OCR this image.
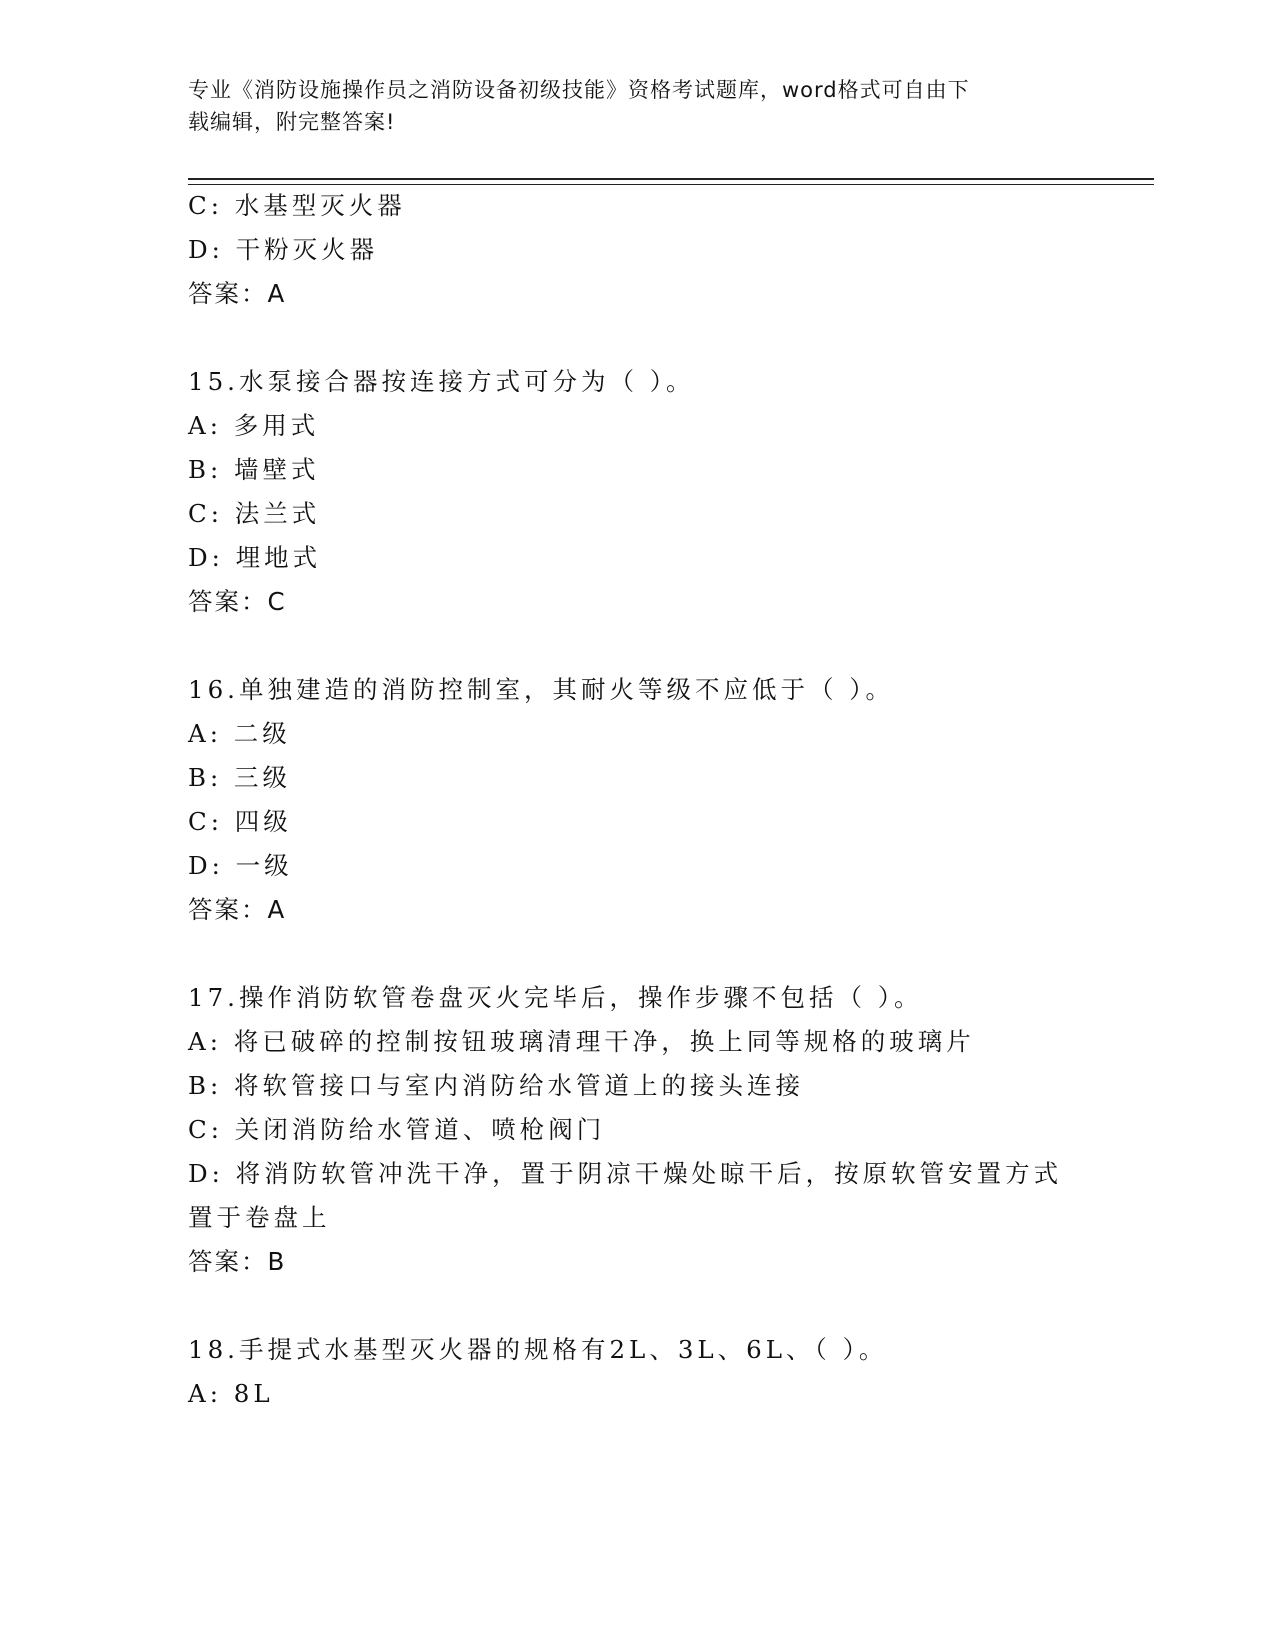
专业《消防设施操作员之消防设备初级技能》资格考试题库，word格式可自由下
载编辑，附完整答案!
C: 水基型灭火器
D: 干粉灭火器
答案：A
15.水泵接合器按连接方式可分为（ ）。
A: 多用式
B: 墙壁式
C: 法兰式
D: 埋地式
答案：C
16.单独建造的消防控制室，其耐火等级不应低于（ ）。
A: 二级
B: 三级
C: 四级
D: 一级
答案：A
17.操作消防软管卷盘灭火完毕后，操作步骤不包括（ ）。
A: 将已破碎的控制按钮玻璃清理干净，换上同等规格的玻璃片
B: 将软管接口与室内消防给水管道上的接头连接
C: 关闭消防给水管道、喷枪阀门
D: 将消防软管冲洗干净，置于阴凉干燥处晾干后，按原软管安置方式
置于卷盘上
答案：B
18.手提式水基型灭火器的规格有2L、3L、6L、（ ）。
A: 8L
